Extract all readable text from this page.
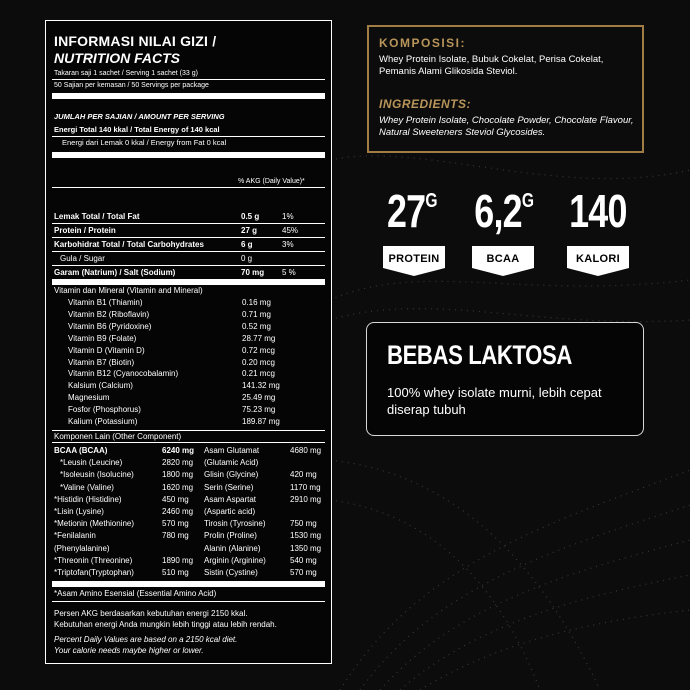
INFORMASI NILAI GIZI /
NUTRITION FACTS
Takaran saji 1 sachet / Serving 1 sachet (33 g)
50 Sajian per kemasan / 50 Servings per package
JUMLAH PER SAJIAN / AMOUNT PER SERVING
Energi Total 140 kkal / Total Energy of 140 kcal
Energi dari Lemak 0 kkal / Energy from Fat 0 kcal
% AKG (Daily Value)*
Lemak Total / Total Fat	0.5 g	1%
Protein / Protein	27 g	45%
Karbohidrat Total / Total Carbohydrates	6 g	3%
Gula / Sugar	0 g
Garam (Natrium) / Salt (Sodium)	70 mg 5 %
Vitamin dan Mineral (Vitamin and Mineral)
Vitamin B1 (Thiamin)	0.16 mg
Vitamin B2 (Riboflavin)	0.71 mg
Vitamin B6 (Pyridoxine)	0.52 mg
Vitamin B9 (Folate)	28.77 mg
Vitamin D (Vitamin D)	0.72 mcg
Vitamin B7 (Biotin)	0.20 mcg
Vitamin B12 (Cyanocobalamin)	0.21 mcg
Kalsium (Calcium)	141.32 mg
Magnesium	25.49 mg
Fosfor (Phosphorus)	75.23 mg
Kalium (Potassium)	189.87 mg
Komponen Lain (Other Component)
BCAA (BCAA)	6240 mg
*Leusin (Leucine)	2820 mg
*Isoleusin (Isolucine)	1800 mg
*Valine (Valine)	1620 mg
*Histidin (Histidine)	450 mg
*Lisin (Lysine)	2460 mg
*Metionin (Methionine)	570 mg
*Fenilalanin	780 mg
(Phenylalanine)
*Threonin (Threonine)	1890 mg
*Triptofan(Tryptophan)	510 mg
Asam Glutamat	4680 mg
(Glutamic Acid)
Glisin (Glycine)	420 mg
Serin (Serine)	1170 mg
Asam Aspartat	2910 mg
(Aspartic acid)
Tirosin (Tyrosine)	750 mg
Prolin (Proline)	1530 mg
Alanin (Alanine)	1350 mg
Arginin (Arginine)	540 mg
Sistin (Cystine)	570 mg
*Asam Amino Esensial (Essential Amino Acid)
Persen AKG berdasarkan kebutuhan energi 2150 kkal.
Kebutuhan energi Anda mungkin lebih tinggi atau lebih rendah.
Percent Daily Values are based on a 2150 kcal diet.
Your calorie needs maybe higher or lower.
KOMPOSISI:
Whey Protein Isolate, Bubuk Cokelat, Perisa Cokelat, Pemanis Alami Glikosida Steviol.
INGREDIENTS:
Whey Protein Isolate, Chocolate Powder, Chocolate Flavour, Natural Sweeteners Steviol Glycosides.
$27^G$ $6,2^G$ 140
PROTEIN	BCAA	KALORI
BEBAS LAKTOSA
100% whey isolate murni, lebih cepat diserap tubuh
